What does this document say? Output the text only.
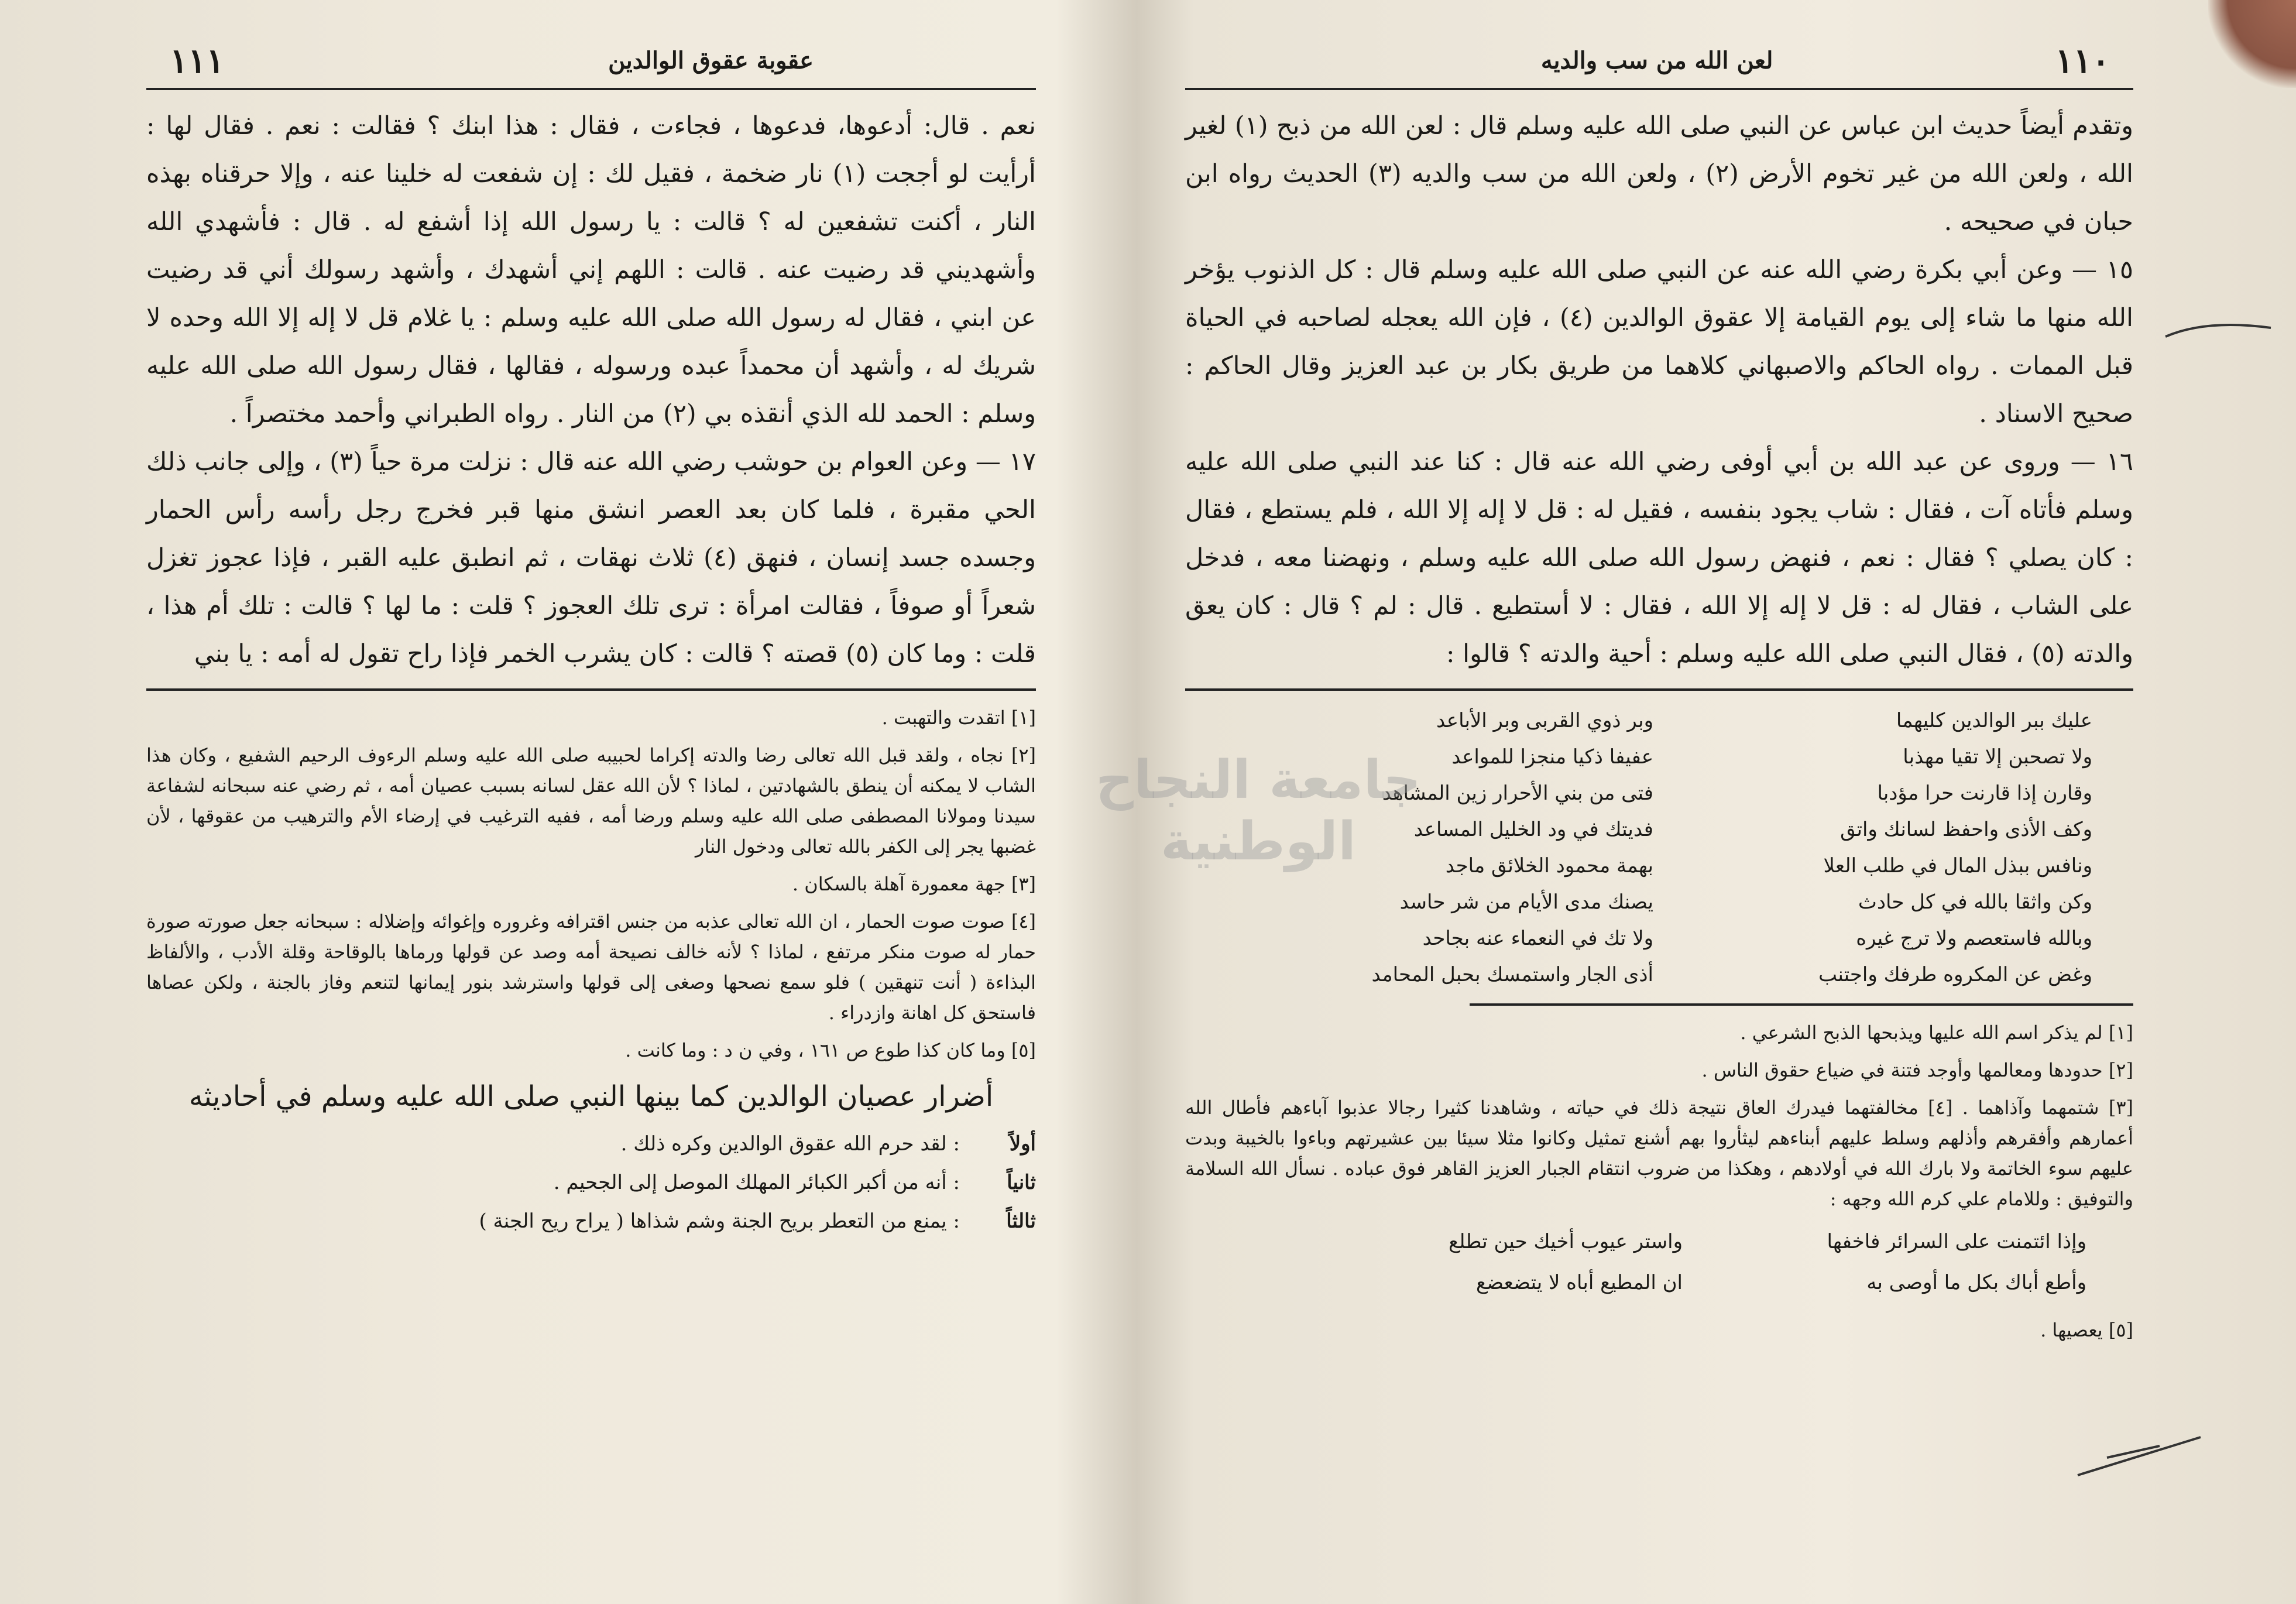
عقوبة عقوق الوالدين
١١١
نعم . قال: أدعوها، فدعوها ، فجاءت ، فقال : هذا ابنك ؟ فقالت : نعم . فقال لها : أرأيت لو أججت (١) نار ضخمة ، فقيل لك : إن شفعت له خلينا عنه ، وإلا حرقناه بهذه النار ، أكنت تشفعين له ؟ قالت : يا رسول الله إذا أشفع له . قال : فأشهدي الله وأشهديني قد رضيت عنه . قالت : اللهم إني أشهدك ، وأشهد رسولك أني قد رضيت عن ابني ، فقال له رسول الله صلى الله عليه وسلم : يا غلام قل لا إله إلا الله وحده لا شريك له ، وأشهد أن محمداً عبده ورسوله ، فقالها ، فقال رسول الله صلى الله عليه وسلم : الحمد لله الذي أنقذه بي (٢) من النار . رواه الطبراني وأحمد مختصراً .
١٧ — وعن العوام بن حوشب رضي الله عنه قال : نزلت مرة حياً (٣) ، وإلى جانب ذلك الحي مقبرة ، فلما كان بعد العصر انشق منها قبر فخرج رجل رأسه رأس الحمار وجسده جسد إنسان ، فنهق (٤) ثلاث نهقات ، ثم انطبق عليه القبر ، فإذا عجوز تغزل شعراً أو صوفاً ، فقالت امرأة : ترى تلك العجوز ؟ قلت : ما لها ؟ قالت : تلك أم هذا ، قلت : وما كان (٥) قصته ؟ قالت : كان يشرب الخمر فإذا راح تقول له أمه : يا بني
[١] اتقدت والتهبت .
[٢] نجاه ، ولقد قبل الله تعالى رضا والدته إكراما لحبيبه صلى الله عليه وسلم الرءوف الرحيم الشفيع ، وكان هذا الشاب لا يمكنه أن ينطق بالشهادتين ، لماذا ؟ لأن الله عقل لسانه بسبب عصيان أمه ، ثم رضي عنه سبحانه لشفاعة سيدنا ومولانا المصطفى صلى الله عليه وسلم ورضا أمه ، ففيه الترغيب في إرضاء الأم والترهيب من عقوقها ، لأن غضبها يجر إلى الكفر بالله تعالى ودخول النار
[٣] جهة معمورة آهلة بالسكان .
[٤] صوت صوت الحمار ، ان الله تعالى عذبه من جنس اقترافه وغروره وإغوائه وإضلاله : سبحانه جعل صورته صورة حمار له صوت منكر مرتفع ، لماذا ؟ لأنه خالف نصيحة أمه وصد عن قولها ورماها بالوقاحة وقلة الأدب ، والألفاظ البذاءة ( أنت تنهقين ) فلو سمع نصحها وصغى إلى قولها واسترشد بنور إيمانها لتنعم وفاز بالجنة ، ولكن عصاها فاستحق كل اهانة وازدراء .
[٥] وما كان كذا طوع ص ١٦١ ، وفي ن د : وما كانت .
أضرار عصيان الوالدين كما بينها النبي صلى الله عليه وسلم في أحاديثه
أولاً
: لقد حرم الله عقوق الوالدين وكره ذلك .
ثانياً
: أنه من أكبر الكبائر المهلك الموصل إلى الجحيم .
ثالثاً
: يمنع من التعطر بريح الجنة وشم شذاها ( يراح ريح الجنة )
١١٠
لعن الله من سب والديه
وتقدم أيضاً حديث ابن عباس عن النبي صلى الله عليه وسلم قال : لعن الله من ذبح (١) لغير الله ، ولعن الله من غير تخوم الأرض (٢) ، ولعن الله من سب والديه (٣) الحديث رواه ابن حبان في صحيحه .
١٥ — وعن أبي بكرة رضي الله عنه عن النبي صلى الله عليه وسلم قال : كل الذنوب يؤخر الله منها ما شاء إلى يوم القيامة إلا عقوق الوالدين (٤) ، فإن الله يعجله لصاحبه في الحياة قبل الممات . رواه الحاكم والاصبهاني كلاهما من طريق بكار بن عبد العزيز وقال الحاكم : صحيح الاسناد .
١٦ — وروى عن عبد الله بن أبي أوفى رضي الله عنه قال : كنا عند النبي صلى الله عليه وسلم فأتاه آت ، فقال : شاب يجود بنفسه ، فقيل له : قل لا إله إلا الله ، فلم يستطع ، فقال : كان يصلي ؟ فقال : نعم ، فنهض رسول الله صلى الله عليه وسلم ، ونهضنا معه ، فدخل على الشاب ، فقال له : قل لا إله إلا الله ، فقال : لا أستطيع . قال : لم ؟ قال : كان يعق والدته (٥) ، فقال النبي صلى الله عليه وسلم : أحية والدته ؟ قالوا :
عليك ببر الوالدين كليهما
وبر ذوي القربى وبر الأباعد
ولا تصحبن إلا تقيا مهذبا
عفيفا ذكيا منجزا للمواعد
وقارن إذا قارنت حرا مؤدبا
فتى من بني الأحرار زين المشاهد
وكف الأذى واحفظ لسانك واتق
فديتك في ود الخليل المساعد
ونافس ببذل المال في طلب العلا
بهمة محمود الخلائق ماجد
وكن واثقا بالله في كل حادث
يصنك مدى الأيام من شر حاسد
وبالله فاستعصم ولا ترج غيره
ولا تك في النعماء عنه بجاحد
وغض عن المكروه طرفك واجتنب
أذى الجار واستمسك بحبل المحامد
[١] لم يذكر اسم الله عليها ويذبحها الذبح الشرعي .
[٢] حدودها ومعالمها وأوجد فتنة في ضياع حقوق الناس .
[٣] شتمهما وآذاهما . [٤] مخالفتهما فيدرك العاق نتيجة ذلك في حياته ، وشاهدنا كثيرا رجالا عذبوا آباءهم فأطال الله أعمارهم وأفقرهم وأذلهم وسلط عليهم أبناءهم ليثأروا بهم أشنع تمثيل وكانوا مثلا سيئا بين عشيرتهم وباءوا بالخيبة وبدت عليهم سوء الخاتمة ولا بارك الله في أولادهم ، وهكذا من ضروب انتقام الجبار العزيز القاهر فوق عباده . نسأل الله السلامة والتوفيق : وللامام علي كرم الله وجهه :
وإذا ائتمنت على السرائر فاخفها
واستر عيوب أخيك حين تطلع
وأطع أباك بكل ما أوصى به
ان المطيع أباه لا يتضعضع
[٥] يعصيها .
جامعة النجاح الوطنية
